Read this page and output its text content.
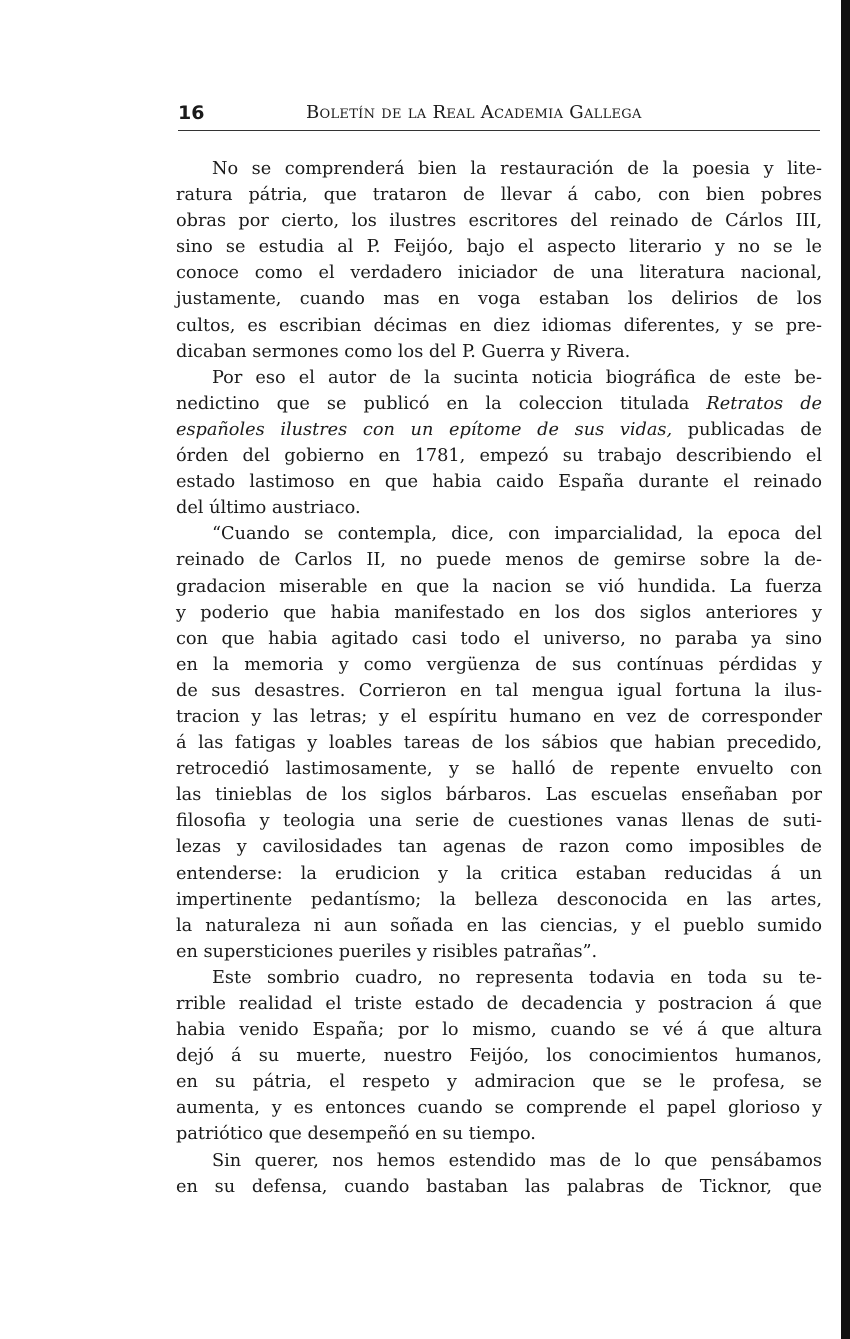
16	Boletín de la Real Academia Gallega

No se comprenderá bien la restauración de la poesia y lite-
ratura pátria, que trataron de llevar á cabo, con bien pobres
obras por cierto, los ilustres escritores del reinado de Cárlos III,
sino se estudia al P. Feijóo, bajo el aspecto literario y no se le
conoce como el verdadero iniciador de una literatura nacional,
justamente, cuando mas en voga estaban los delirios de los
cultos, es escribian décimas en diez idiomas diferentes, y se pre-
dicaban sermones como los del P. Guerra y Rivera.

Por eso el autor de la sucinta noticia biográfica de este be-
nedictino que se publicó en la coleccion titulada Retratos de
españoles ilustres con un epítome de sus vidas, publicadas de
órden del gobierno en 1781, empezó su trabajo describiendo el
estado lastimoso en que habia caido España durante el reinado
del último austriaco.

“Cuando se contempla, dice, con imparcialidad, la epoca del
reinado de Carlos II, no puede menos de gemirse sobre la de-
gradacion miserable en que la nacion se vió hundida. La fuerza
y poderio que habia manifestado en los dos siglos anteriores y
con que habia agitado casi todo el universo, no paraba ya sino
en la memoria y como vergüenza de sus contínuas pérdidas y
de sus desastres. Corrieron en tal mengua igual fortuna la ilus-
tracion y las letras; y el espíritu humano en vez de corresponder
á las fatigas y loables tareas de los sábios que habian precedido,
retrocedió lastimosamente, y se halló de repente envuelto con
las tinieblas de los siglos bárbaros. Las escuelas enseñaban por
filosofia y teologia una serie de cuestiones vanas llenas de suti-
lezas y cavilosidades tan agenas de razon como imposibles de
entenderse: la erudicion y la critica estaban reducidas á un
impertinente pedantísmo; la belleza desconocida en las artes,
la naturaleza ni aun soñada en las ciencias, y el pueblo sumido
en supersticiones pueriles y risibles patrañas”.

Este sombrio cuadro, no representa todavia en toda su te-
rrible realidad el triste estado de decadencia y postracion á que
habia venido España; por lo mismo, cuando se vé á que altura
dejó á su muerte, nuestro Feijóo, los conocimientos humanos,
en su pátria, el respeto y admiracion que se le profesa, se
aumenta, y es entonces cuando se comprende el papel glorioso y
patriótico que desempeñó en su tiempo.

Sin querer, nos hemos estendido mas de lo que pensábamos
en su defensa, cuando bastaban las palabras de Ticknor, que
